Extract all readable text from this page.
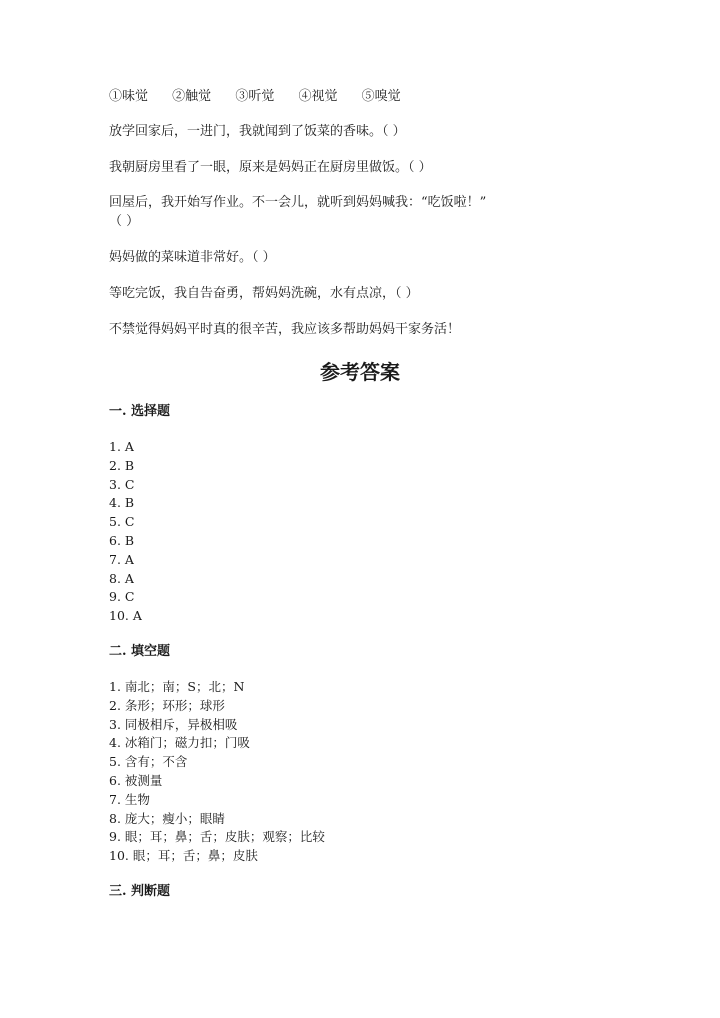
①味觉 ②触觉 ③听觉 ④视觉 ⑤嗅觉
放学回家后，一进门，我就闻到了饭菜的香味。（ ）
我朝厨房里看了一眼，原来是妈妈正在厨房里做饭。（ ）
回屋后，我开始写作业。不一会儿，就听到妈妈喊我：“吃饭啦！”
（ ）
妈妈做的菜味道非常好。（ ）
等吃完饭，我自告奋勇，帮妈妈洗碗，水有点凉，（ ）
不禁觉得妈妈平时真的很辛苦，我应该多帮助妈妈干家务活！
参考答案
一. 选择题
1. A
2. B
3. C
4. B
5. C
6. B
7. A
8. A
9. C
10. A
二. 填空题
1. 南北；南；S；北；N
2. 条形；环形；球形
3. 同极相斥，异极相吸
4. 冰箱门；磁力扣；门吸
5. 含有；不含
6. 被测量
7. 生物
8. 庞大；瘦小；眼睛
9. 眼；耳；鼻；舌；皮肤；观察；比较
10. 眼；耳；舌；鼻；皮肤
三. 判断题
